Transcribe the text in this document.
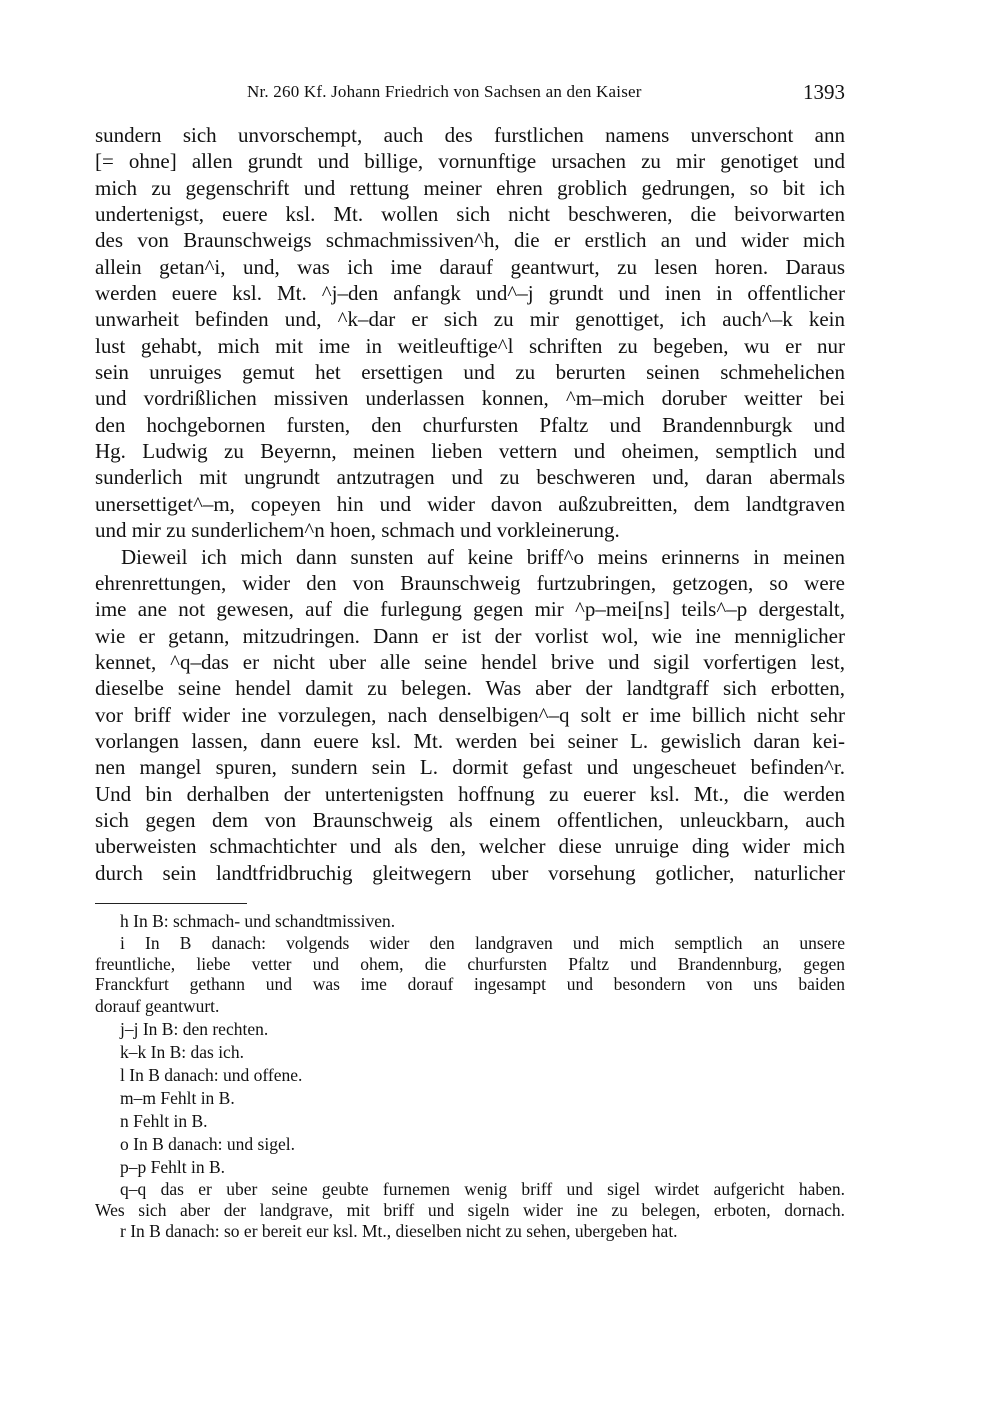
Nr. 260 Kf. Johann Friedrich von Sachsen an den Kaiser	1393
sundern sich unvorschempt, auch des furstlichen namens unverschont ann
[= ohne] allen grundt und billige, vornunftige ursachen zu mir genotiget und
mich zu gegenschrift und rettung meiner ehren groblich gedrungen, so bit ich
undertenigst, euere ksl. Mt. wollen sich nicht beschweren, die beivorwarten
des von Braunschweigs schmachmissiven^h, die er erstlich an und wider mich
allein getan^i, und, was ich ime darauf geantwurt, zu lesen horen. Daraus
werden euere ksl. Mt. ^j–den anfangk und^–j grundt und inen in offentlicher
unwarheit befinden und, ^k–dar er sich zu mir genottiget, ich auch^–k kein
lust gehabt, mich mit ime in weitleuftige^l schriften zu begeben, wu er nur
sein unruiges gemut het ersettigen und zu berurten seinen schmehelichen
und vordrißlichen missiven underlassen konnen, ^m–mich doruber weitter bei
den hochgebornen fursten, den churfursten Pfaltz und Brandennburgk und
Hg. Ludwig zu Beyernn, meinen lieben vettern und oheimen, semptlich und
sunderlich mit ungrundt antzutragen und zu beschweren und, daran abermals
unersettiget^–m, copeyen hin und wider davon außzubreitten, dem landtgraven
und mir zu sunderlichem^n hoen, schmach und vorkleinerung.
Dieweil ich mich dann sunsten auf keine briff^o meins erinnerns in meinen
ehrenrettungen, wider den von Braunschweig furtzubringen, getzogen, so were
ime ane not gewesen, auf die furlegung gegen mir ^p–mei[ns] teils^–p dergestalt,
wie er getann, mitzudringen. Dann er ist der vorlist wol, wie ine menniglicher
kennet, ^q–das er nicht uber alle seine hendel brive und sigil vorfertigen lest,
dieselbe seine hendel damit zu belegen. Was aber der landtgraff sich erbotten,
vor briff wider ine vorzulegen, nach denselbigen^–q solt er ime billich nicht sehr
vorlangen lassen, dann euere ksl. Mt. werden bei seiner L. gewislich daran kei-
nen mangel spuren, sundern sein L. dormit gefast und ungescheuet befinden^r.
Und bin derhalben der untertenigsten hoffnung zu euerer ksl. Mt., die werden
sich gegen dem von Braunschweig als einem offentlichen, unleuckbarn, auch
uberweisten schmachtichter und als den, welcher diese unruige ding wider mich
durch sein landtfridbruchig gleitwegern uber vorsehung gotlicher, naturlicher
h In B: schmach- und schandtmissiven.
i In B danach: volgends wider den landgraven und mich semptlich an unsere
freuntliche, liebe vetter und ohem, die churfursten Pfaltz und Brandennburg, gegen
Franckfurt gethann und was ime dorauf ingesampt und besondern von uns baiden
dorauf geantwurt.
j–j In B: den rechten.
k–k In B: das ich.
l In B danach: und offene.
m–m Fehlt in B.
n Fehlt in B.
o In B danach: und sigel.
p–p Fehlt in B.
q–q das er uber seine geubte furnemen wenig briff und sigel wirdet aufgericht haben.
Wes sich aber der landgrave, mit briff und sigeln wider ine zu belegen, erboten, dornach.
r In B danach: so er bereit eur ksl. Mt., dieselben nicht zu sehen, ubergeben hat.
